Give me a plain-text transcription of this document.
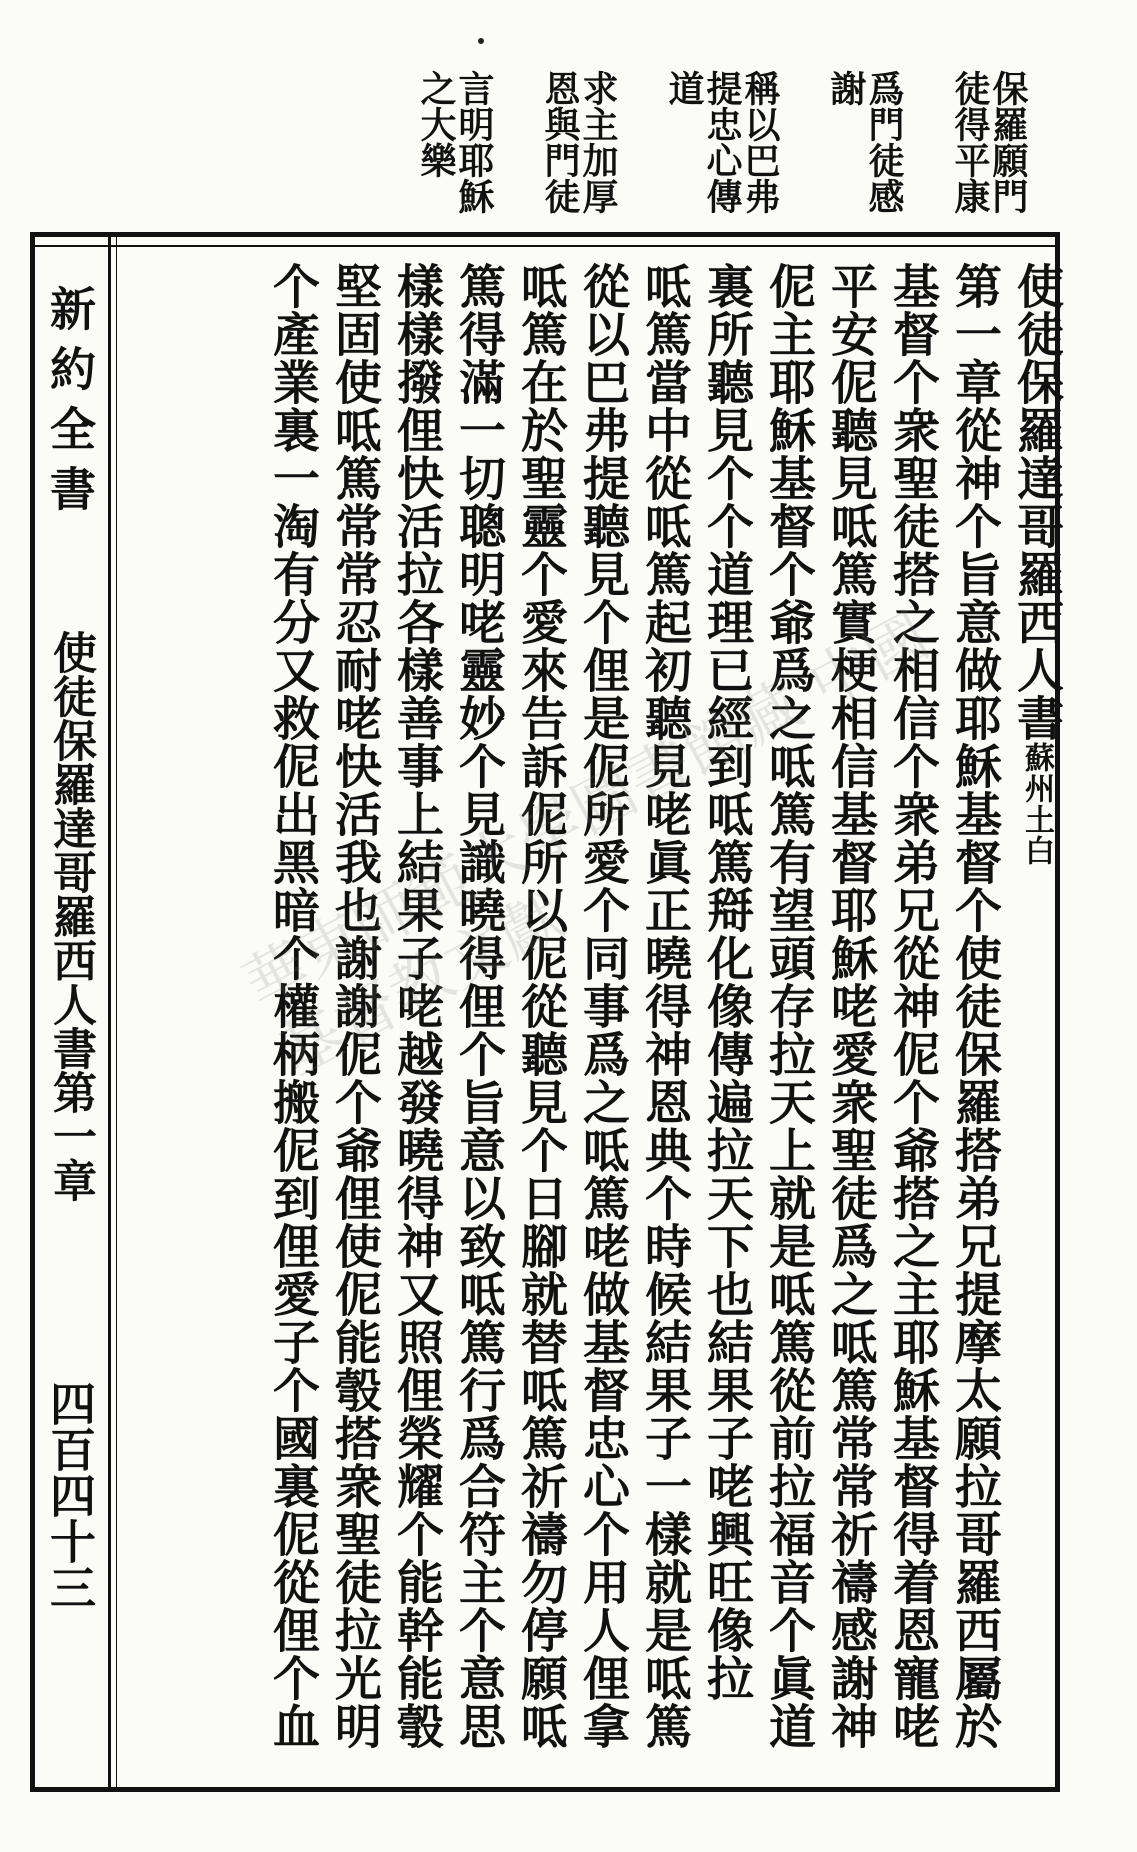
保羅願門
徒得平康
爲門徒感
謝
稱以巴弗
提忠心傳
道
求主加厚
恩與門徒
言明耶穌
之大樂
使徒保羅達哥羅西人書蘇州土白
第一章從神个旨意做耶穌基督个使徒保羅搭弟兄提摩太願拉哥羅西屬於
基督个衆聖徒搭之相信个衆弟兄從神伲个爺搭之主耶穌基督得着恩寵咾
平安伲聽見呧篤實梗相信基督耶穌咾愛衆聖徒爲之呧篤常常祈禱感謝神
伲主耶穌基督个爺爲之呧篤有望頭存拉天上就是呧篤從前拉福音个眞道
裏所聽見个个道理已經到呧篤搿化像傳遍拉天下也結果子咾興旺像拉
呧篤當中從呧篤起初聽見咾眞正曉得神恩典个時候結果子一樣就是呧篤
從以巴弗提聽見个俚是伲所愛个同事爲之呧篤咾做基督忠心个用人俚拿
呧篤在於聖靈个愛來告訴伲所以伲從聽見个日腳就替呧篤祈禱勿停願呧
篤得滿一切聰明咾靈妙个見識曉得俚个旨意以致呧篤行爲合符主个意思
樣樣撥俚快活拉各樣善事上結果子咾越發曉得神又照俚榮耀个能幹能彀
堅固使呧篤常常忍耐咾快活我也謝謝伲个爺俚使伲能彀搭衆聖徒拉光明
个產業裏一淘有分又救伲出黑暗个權柄搬伲到俚愛子个國裏伲從俚个血
新約全書
使徒保羅達哥羅西人書第一章
四百四十三
華東師範大學圖書館藏 中國基督教文獻
